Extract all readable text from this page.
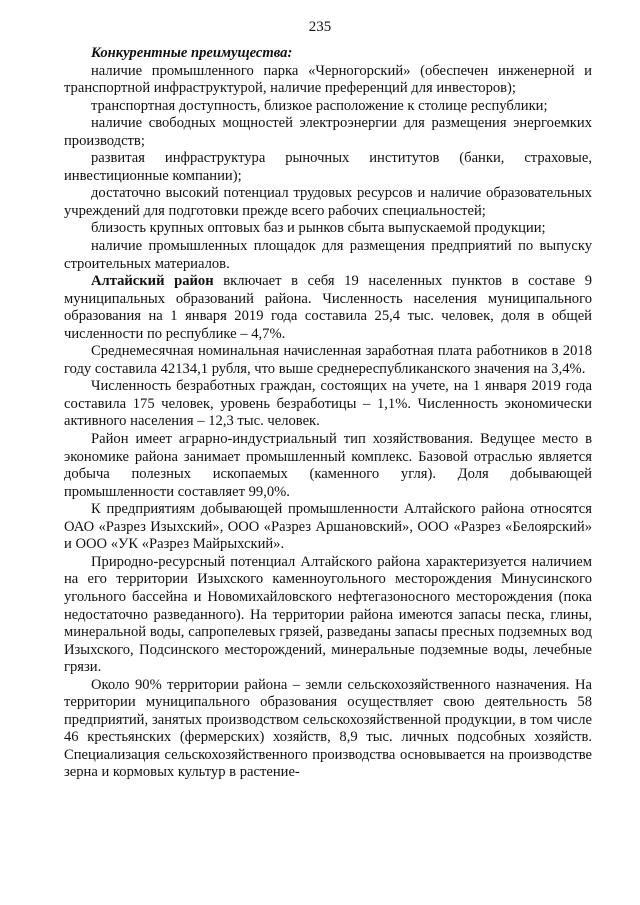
235

Конкурентные преимущества:

наличие промышленного парка «Черногорский» (обеспечен инженерной и транспортной инфраструктурой, наличие преференций для инвесторов);

транспортная доступность, близкое расположение к столице республики;

наличие свободных мощностей электроэнергии для размещения энергоемких производств;

развитая инфраструктура рыночных институтов (банки, страховые, инвестиционные компании);

достаточно высокий потенциал трудовых ресурсов и наличие образовательных учреждений для подготовки прежде всего рабочих специальностей;

близость крупных оптовых баз и рынков сбыта выпускаемой продукции;

наличие промышленных площадок для размещения предприятий по выпуску строительных материалов.

Алтайский район включает в себя 19 населенных пунктов в составе 9 муниципальных образований района. Численность населения муниципального образования на 1 января 2019 года составила 25,4 тыс. человек, доля в общей численности по республике – 4,7%.

Среднемесячная номинальная начисленная заработная плата работников в 2018 году составила 42134,1 рубля, что выше среднереспубликанского значения на 3,4%.

Численность безработных граждан, состоящих на учете, на 1 января 2019 года составила 175 человек, уровень безработицы – 1,1%. Численность экономически активного населения – 12,3 тыс. человек.

Район имеет аграрно-индустриальный тип хозяйствования. Ведущее место в экономике района занимает промышленный комплекс. Базовой отраслью является добыча полезных ископаемых (каменного угля). Доля добывающей промышленности составляет 99,0%.

К предприятиям добывающей промышленности Алтайского района относятся ОАО «Разрез Изыхский», ООО «Разрез Аршановский», ООО «Разрез «Белоярский» и ООО «УК «Разрез Майрыхский».

Природно-ресурсный потенциал Алтайского района характеризуется наличием на его территории Изыхского каменноугольного месторождения Минусинского угольного бассейна и Новомихайловского нефтегазоносного месторождения (пока недостаточно разведанного). На территории района имеются запасы песка, глины, минеральной воды, сапропелевых грязей, разведаны запасы пресных подземных вод Изыхского, Подсинского месторождений, минеральные подземные воды, лечебные грязи.

Около 90% территории района – земли сельскохозяйственного назначения. На территории муниципального образования осуществляет свою деятельность 58 предприятий, занятых производством сельскохозяйственной продукции, в том числе 46 крестьянских (фермерских) хозяйств, 8,9 тыс. личных подсобных хозяйств. Специализация сельскохозяйственного производства основывается на производстве зерна и кормовых культур в растение-
